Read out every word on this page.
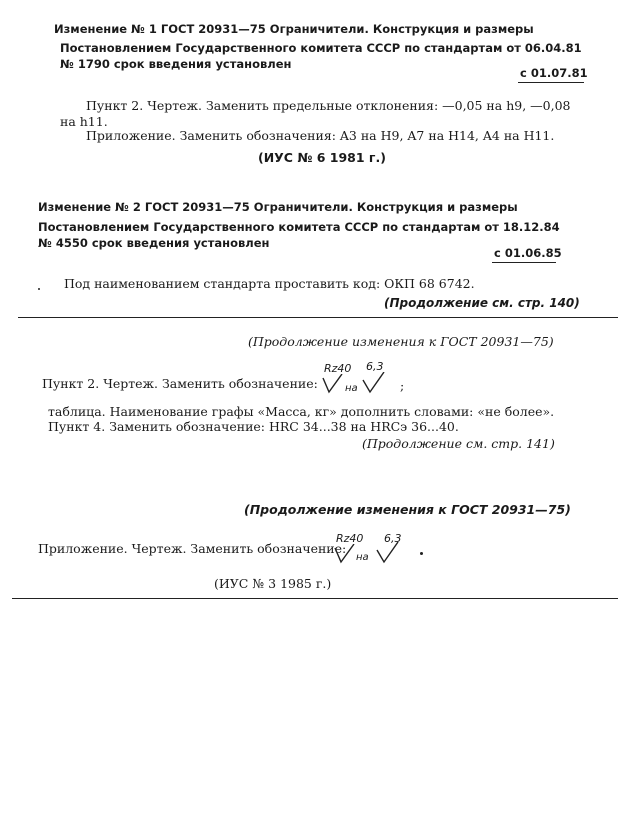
Изменение № 1 ГОСТ 20931—75 Ограничители. Конструкция и размеры
Постановлением Государственного комитета СССР по стандартам от 06.04.81
№ 1790 срок введения установлен
с 01.07.81
Пункт 2. Чертеж. Заменить предельные отклонения: —0,05 на h9, —0,08
на h11.
Приложение. Заменить обозначения: A3 на H9, A7 на H14, A4 на H11.
(ИУС № 6 1981 г.)
Изменение № 2 ГОСТ 20931—75 Ограничители. Конструкция и размеры
Постановлением Государственного комитета СССР по стандартам от 18.12.84
№ 4550 срок введения установлен
с 01.06.85
Под наименованием стандарта проставить код: ОКП 68 6742.
(Продолжение см. стр. 140)
(Продолжение изменения к ГОСТ 20931—75)
Пункт 2. Чертеж. Заменить обозначение:
Rz40 6,3
на	;
таблица. Наименование графы «Масса, кг» дополнить словами: «не более».
Пункт 4. Заменить обозначение: HRC 34...38 на HRCэ 36...40.
(Продолжение см. стр. 141)
(Продолжение изменения к ГОСТ 20931—75)
Приложение. Чертеж. Заменить обозначение:
Rz40 6,3
на
(ИУС № 3 1985 г.)
